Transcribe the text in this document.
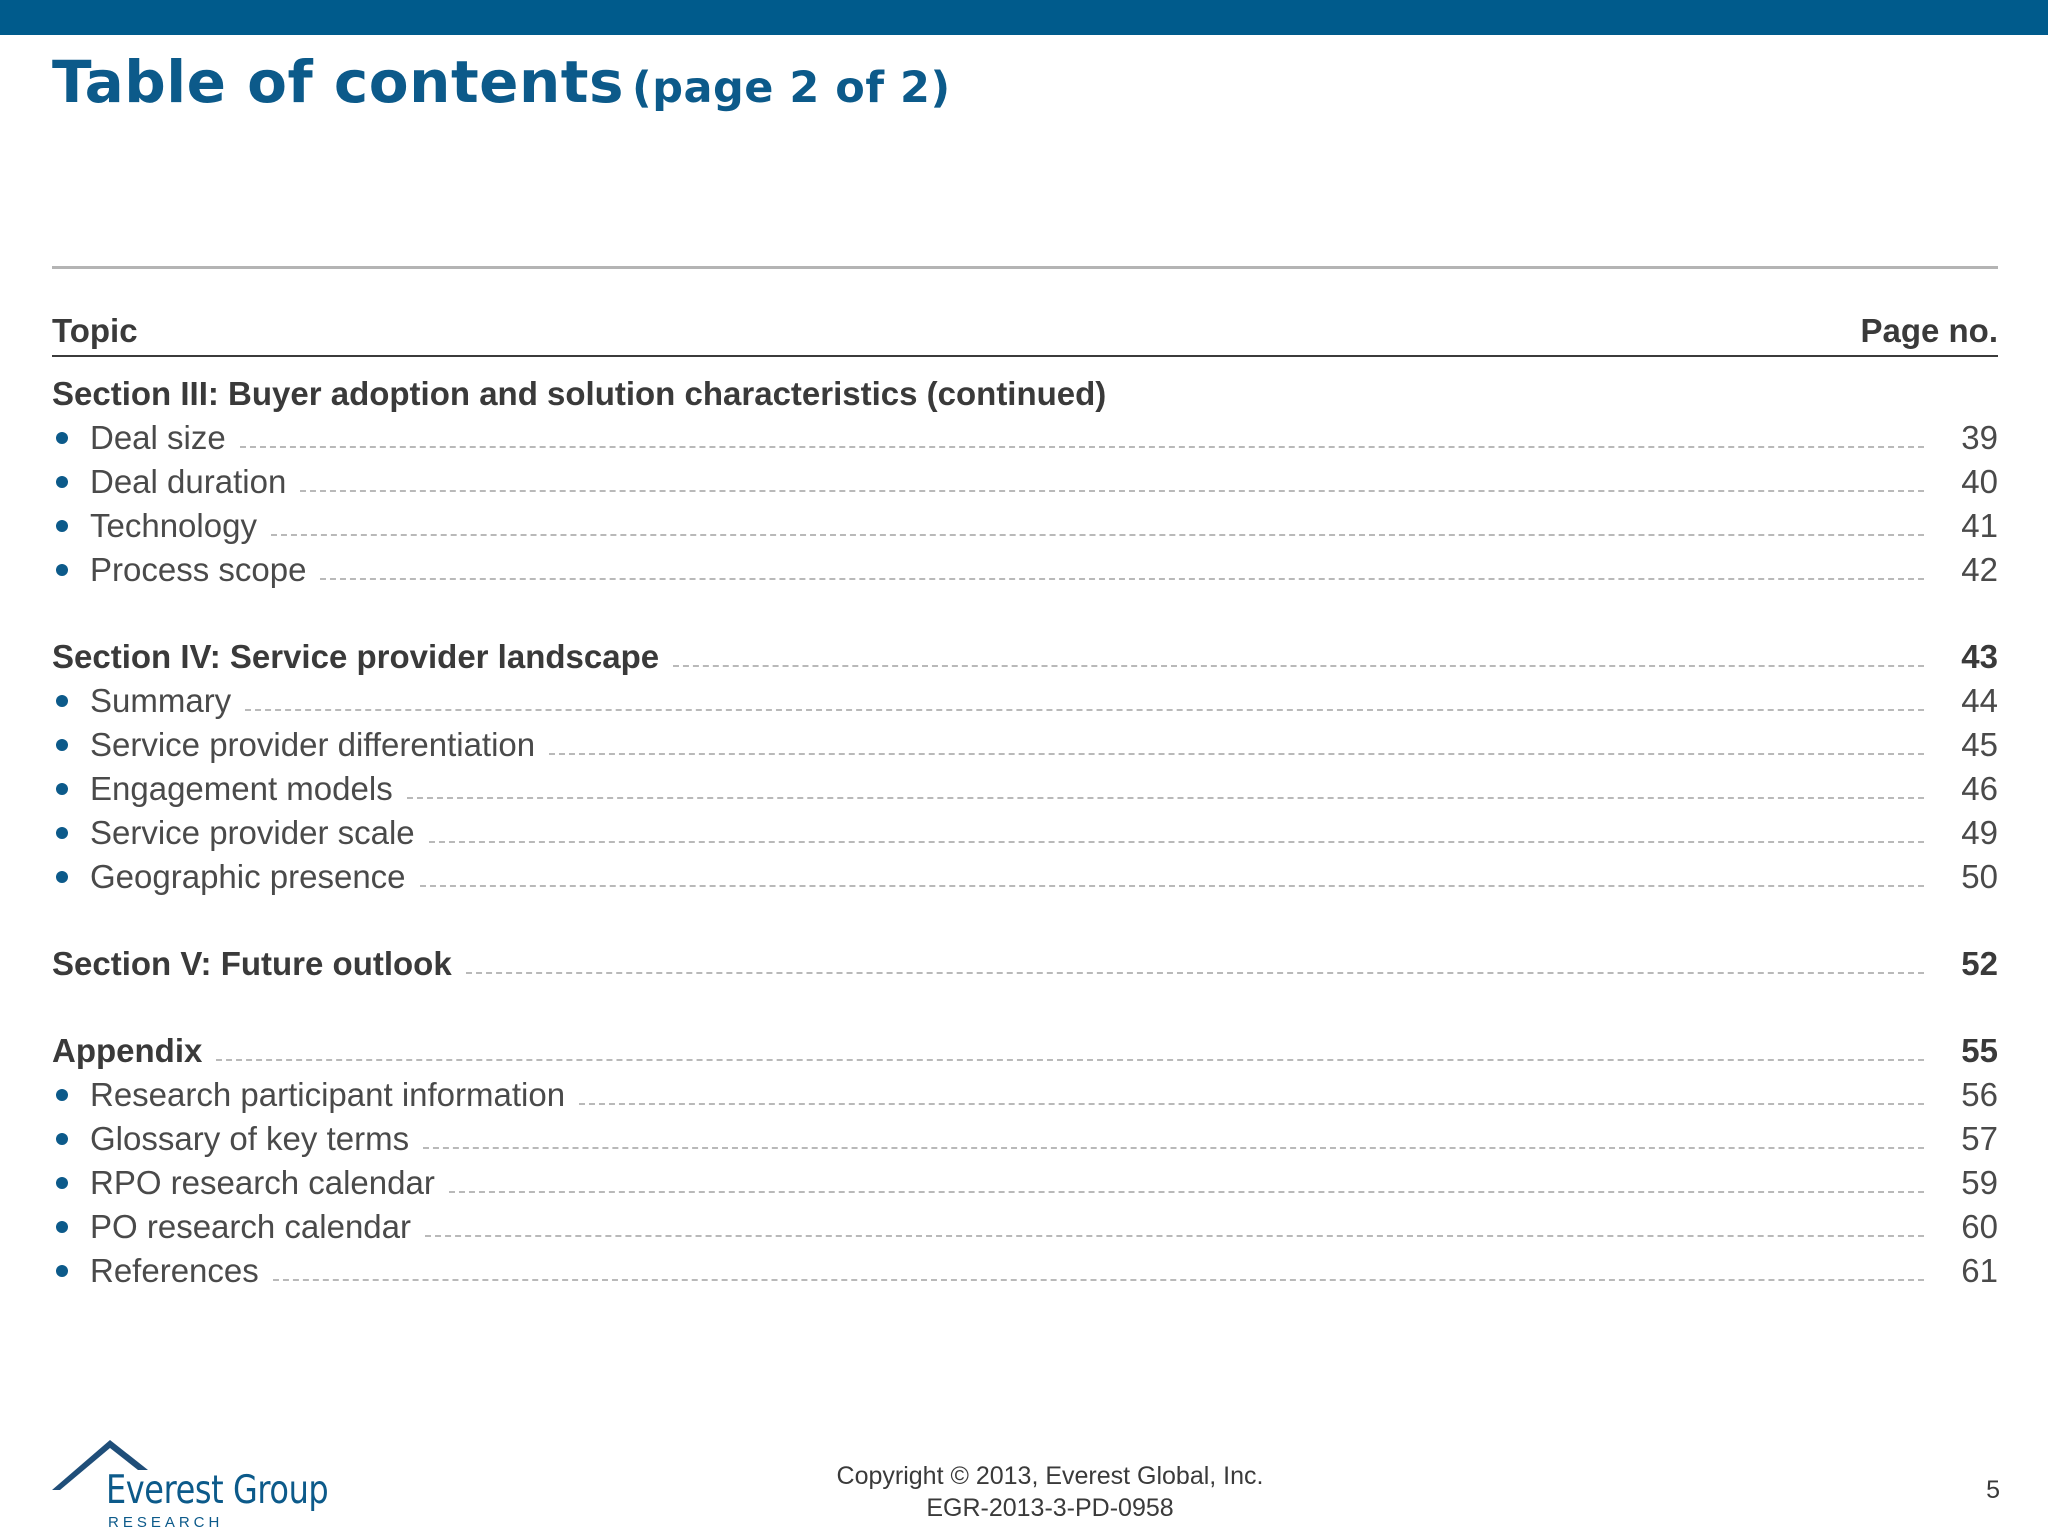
Table of contents (page 2 of 2)
Topic	Page no.
Section III: Buyer adoption and solution characteristics (continued)
Deal size	39
Deal duration	40
Technology	41
Process scope	42
Section IV: Service provider landscape	43
Summary	44
Service provider differentiation	45
Engagement models	46
Service provider scale	49
Geographic presence	50
Section V: Future outlook	52
Appendix	55
Research participant information	56
Glossary of key terms	57
RPO research calendar	59
PO research calendar	60
References	61
Everest Group
RESEARCH
Copyright © 2013, Everest Global, Inc.
EGR-2013-3-PD-0958
5
